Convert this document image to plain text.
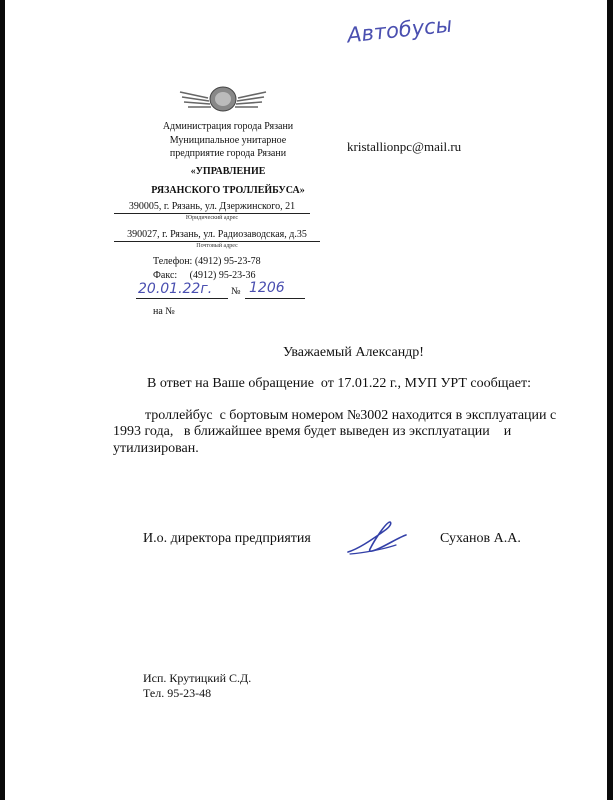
Автобусы
Администрация города Рязани
Муниципальное унитарное
предприятие города Рязани
«УПРАВЛЕНИЕ
РЯЗАНСКОГО ТРОЛЛЕЙБУСА»
390005, г. Рязань, ул. Дзержинского, 21
Юридический адрес
390027, г. Рязань, ул. Радиозаводская, д.35
Почтовый адрес
Телефон: (4912) 95-23-78
Факс:     (4912) 95-23-36
20.01.22г. № 1206
на №
kristallionpc@mail.ru
Уважаемый Александр!
В ответ на Ваше обращение  от 17.01.22 г., МУП УРТ сообщает:
троллейбус  с бортовым номером №3002 находится в эксплуатации с
1993 года,   в ближайшее время будет выведен из эксплуатации    и
утилизирован.
И.о. директора предприятия	Суханов А.А.
Исп. Крутицкий С.Д.
Тел. 95-23-48
